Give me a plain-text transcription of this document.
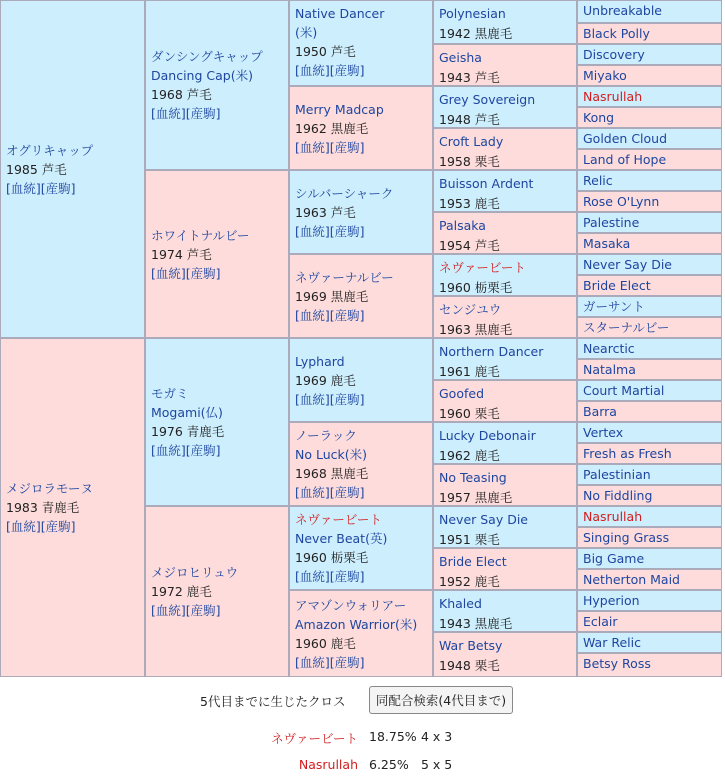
オグリキャップ
1985 芦毛
[血統][産駒]
メジロラモーヌ
1983 青鹿毛
[血統][産駒]
ダンシングキャップ
Dancing Cap(米)
1968 芦毛
[血統][産駒]
ホワイトナルビー
1974 芦毛
[血統][産駒]
モガミ
Mogami(仏)
1976 青鹿毛
[血統][産駒]
メジロヒリュウ
1972 鹿毛
[血統][産駒]
Native Dancer
(米)
1950 芦毛
[血統][産駒]
Merry Madcap
1962 黒鹿毛
[血統][産駒]
シルバーシャーク
1963 芦毛
[血統][産駒]
ネヴァーナルビー
1969 黒鹿毛
[血統][産駒]
Lyphard
1969 鹿毛
[血統][産駒]
ノーラック
No Luck(米)
1968 黒鹿毛
[血統][産駒]
ネヴァービート
Never Beat(英)
1960 栃栗毛
[血統][産駒]
アマゾンウォリアー
Amazon Warrior(米)
1960 鹿毛
[血統][産駒]
Polynesian
1942 黒鹿毛
Geisha
1943 芦毛
Grey Sovereign
1948 芦毛
Croft Lady
1958 栗毛
Buisson Ardent
1953 鹿毛
Palsaka
1954 芦毛
ネヴァービート
1960 栃栗毛
センジユウ
1963 黒鹿毛
Northern Dancer
1961 鹿毛
Goofed
1960 栗毛
Lucky Debonair
1962 鹿毛
No Teasing
1957 黒鹿毛
Never Say Die
1951 栗毛
Bride Elect
1952 鹿毛
Khaled
1943 黒鹿毛
War Betsy
1948 栗毛
Unbreakable
Black Polly
Discovery
Miyako
Nasrullah
Kong
Golden Cloud
Land of Hope
Relic
Rose O'Lynn
Palestine
Masaka
Never Say Die
Bride Elect
ガーサント
スターナルビー
Nearctic
Natalma
Court Martial
Barra
Vertex
Fresh as Fresh
Palestinian
No Fiddling
Nasrullah
Singing Grass
Big Game
Netherton Maid
Hyperion
Eclair
War Relic
Betsy Ross
5代目までに生じたクロス	同配合検索(4代目まで)
ネヴァービート 18.75% 4 x 3
Nasrullah 6.25% 5 x 5
